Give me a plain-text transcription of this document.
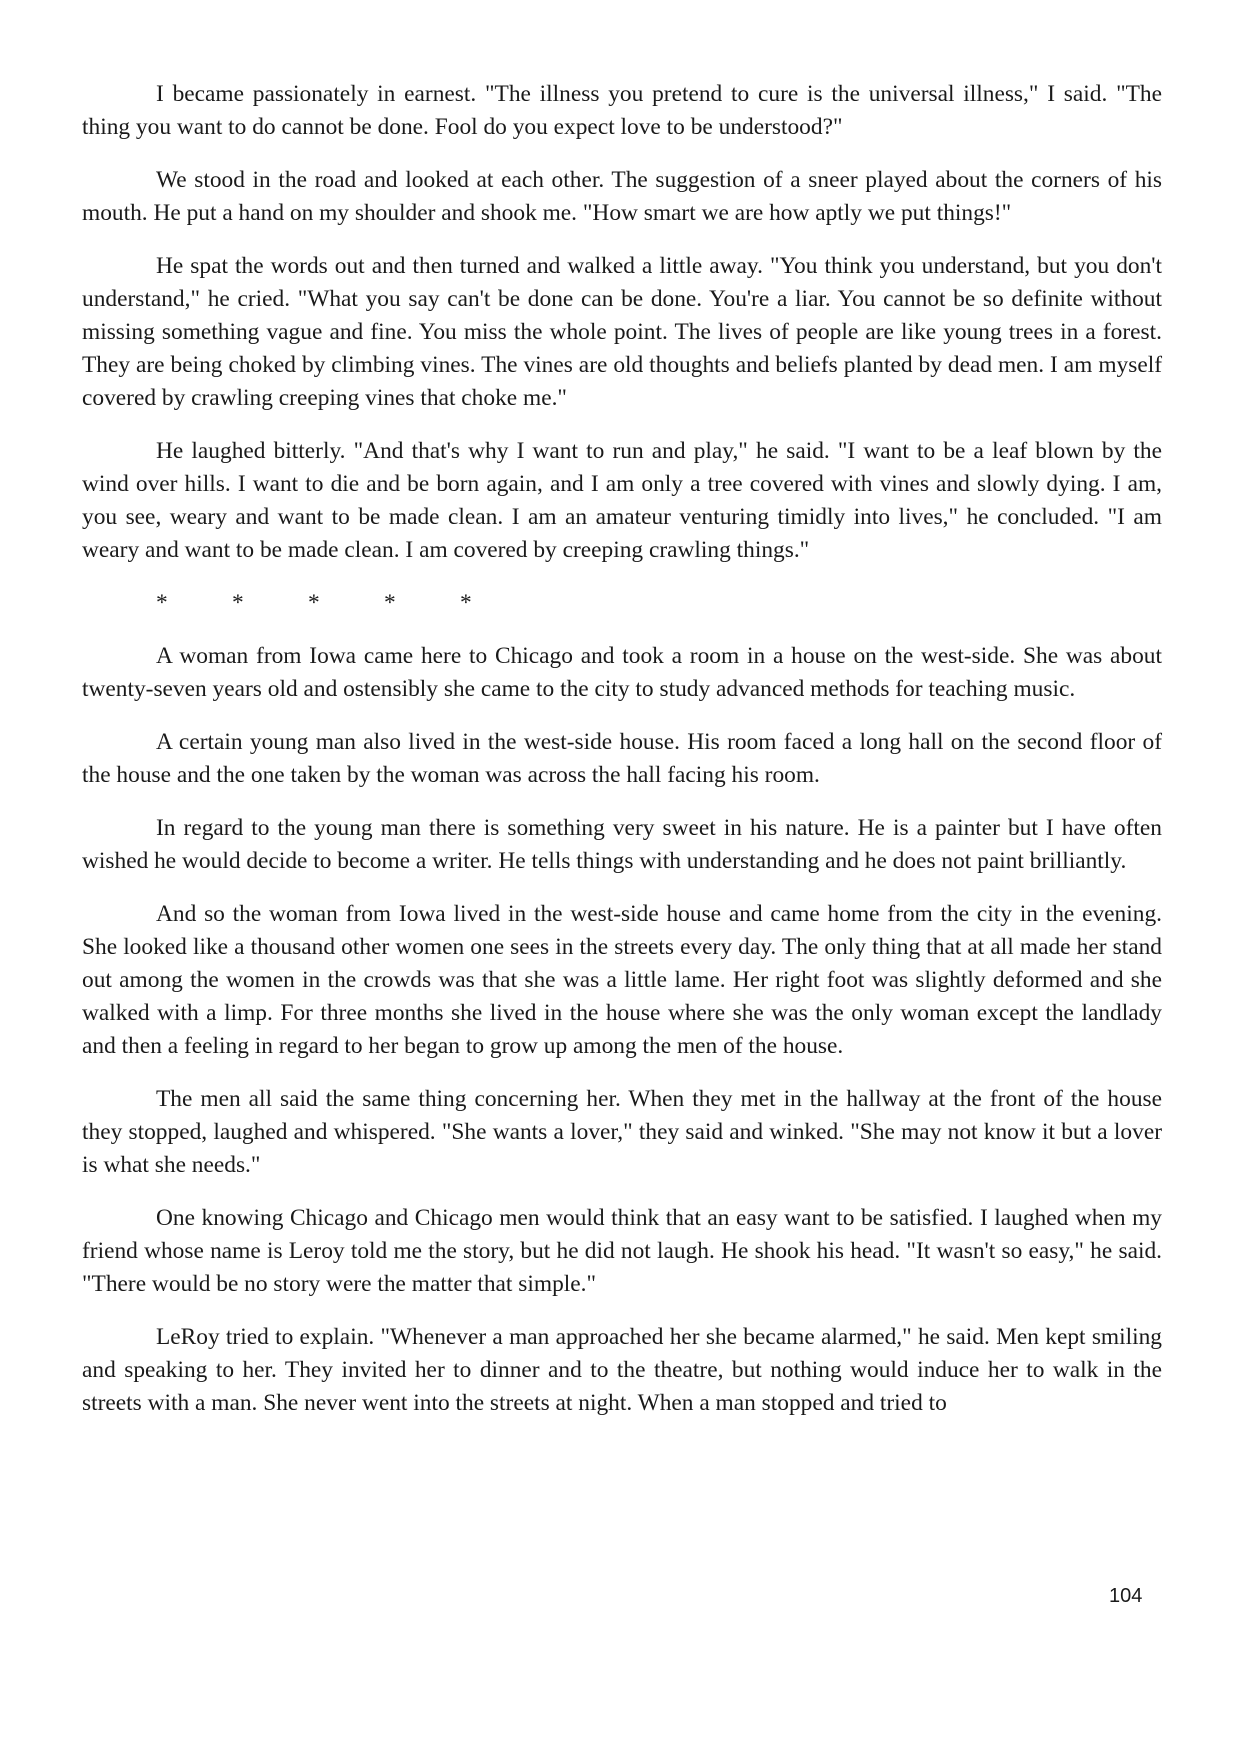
I became passionately in earnest. "The illness you pretend to cure is the universal illness," I said. "The thing you want to do cannot be done. Fool do you expect love to be understood?"

We stood in the road and looked at each other. The suggestion of a sneer played about the corners of his mouth. He put a hand on my shoulder and shook me. "How smart we are how aptly we put things!"

He spat the words out and then turned and walked a little away. "You think you understand, but you don't understand," he cried. "What you say can't be done can be done. You're a liar. You cannot be so definite without missing something vague and fine. You miss the whole point. The lives of people are like young trees in a forest. They are being choked by climbing vines. The vines are old thoughts and beliefs planted by dead men. I am myself covered by crawling creeping vines that choke me."

He laughed bitterly. "And that's why I want to run and play," he said. "I want to be a leaf blown by the wind over hills. I want to die and be born again, and I am only a tree covered with vines and slowly dying. I am, you see, weary and want to be made clean. I am an amateur venturing timidly into lives," he concluded. "I am weary and want to be made clean. I am covered by creeping crawling things."

*	*	*	*	*

A woman from Iowa came here to Chicago and took a room in a house on the west-side. She was about twenty-seven years old and ostensibly she came to the city to study advanced methods for teaching music.

A certain young man also lived in the west-side house. His room faced a long hall on the second floor of the house and the one taken by the woman was across the hall facing his room.

In regard to the young man there is something very sweet in his nature. He is a painter but I have often wished he would decide to become a writer. He tells things with understanding and he does not paint brilliantly.

And so the woman from Iowa lived in the west-side house and came home from the city in the evening. She looked like a thousand other women one sees in the streets every day. The only thing that at all made her stand out among the women in the crowds was that she was a little lame. Her right foot was slightly deformed and she walked with a limp. For three months she lived in the house where she was the only woman except the landlady and then a feeling in regard to her began to grow up among the men of the house.

The men all said the same thing concerning her. When they met in the hallway at the front of the house they stopped, laughed and whispered. "She wants a lover," they said and winked. "She may not know it but a lover is what she needs."

One knowing Chicago and Chicago men would think that an easy want to be satisfied. I laughed when my friend whose name is Leroy told me the story, but he did not laugh. He shook his head. "It wasn't so easy," he said. "There would be no story were the matter that simple."

LeRoy tried to explain. "Whenever a man approached her she became alarmed," he said. Men kept smiling and speaking to her. They invited her to dinner and to the theatre, but nothing would induce her to walk in the streets with a man. She never went into the streets at night. When a man stopped and tried to

104
